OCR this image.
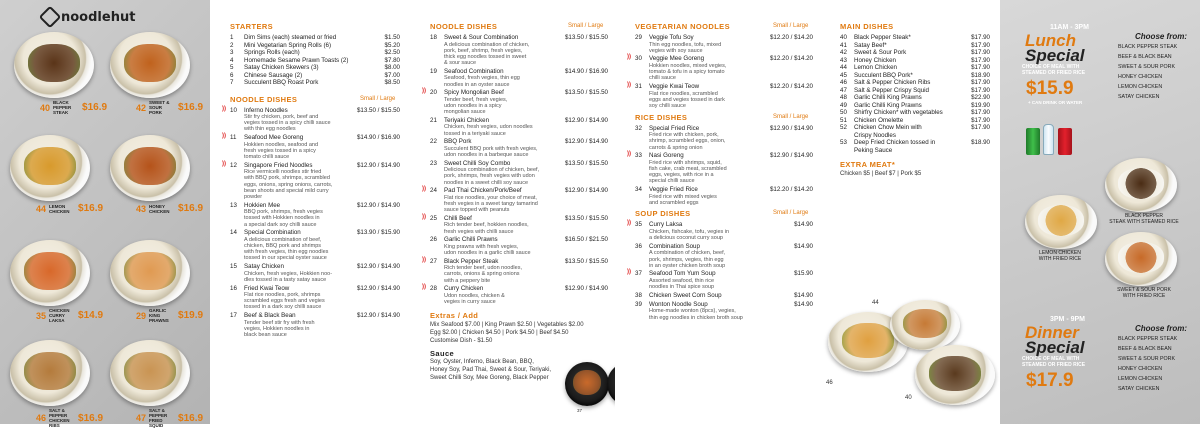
noodlehut
40 BLACK PEPPER STEAK	$16.9	42 SWEET & SOUR PORK	$16.9
44 LEMON CHICKEN $16.9	43 HONEY CHICKEN $16.9
35 CHICKEN CURRY LAKSA	$14.9	29 GARLIC KING PRAWNS $19.9
46
SALT & PEPPER CHICKEN RIBS
$16.9	47
SALT & PEPPER FRIED SQUID
$16.9
STARTERS
1 Dim Sims (each) steamed or fried	$1.50
2 Mini Vegetarian Spring Rolls (6)	$5.20
3 Springs Rolls (each)	$2.50
4 Homemade Sesame Prawn Toasts (2)	$7.80
5 Satay Chicken Skewers (3)	$8.00
6 Chinese Sausage (2)	$7.00
7 Succulent BBQ Roast Pork	$8.50
NOODLE DISHES	Small / Large
)) 10 Inferno Noodles	$13.50 / $15.50
Stir fry chicken, pork, beef and
vegies tossed in a spicy chilli sauce
with thin egg noodles
)) 11 Seafood Mee Goreng	$14.90 / $16.90
Hokkien noodles, seafood and
fresh vegies tossed in a spicy
tomato chilli sauce
)) 12 Singapore Fried Noodles	$12.90 / $14.90
Rice vermicelli noodles stir fried
with BBQ pork, shrimps, scrambled
eggs, onions, spring onions, carrots,
bean shoots and special mild curry
powder
13 Hokkien Mee	$12.90 / $14.90
BBQ pork, shrimps, fresh vegies
tossed with Hokkien noodles in
a special dark soy chilli sauce
14 Special Combination	$13.90 / $15.90
A delicious combination of beef,
chicken, BBQ pork and shrimps
with fresh vegies, thin egg noodles
tossed in our special oyster sauce
15 Satay Chicken	$12.90 / $14.90
Chicken, fresh vegies, Hokkien noo-
dles tossed in a tasty satay sauce
16 Fried Kwai Teow	$12.90 / $14.90
Flat rice noodles, pork, shrimps
scrambled eggs fresh and vegies
tossed in a dark soy chilli sauce
17 Beef & Black Bean	$12.90 / $14.90
Tender beef stir fry with fresh
vegies, Hokkien noodles in
black bean sauce
NOODLE DISHES	Small / Large
18 Sweet & Sour Combination	$13.50 / $15.50
A delicious combination of chicken,
pork, beef, shrimp, fresh vegies,
thick egg noodles tossed in sweet
& sour sauce
19 Seafood Combination	$14.90 / $16.90
Seafood, fresh vegies, thin egg
noodles in an oyster sauce
)) 20 Spicy Mongolian Beef	$13.50 / $15.50
Tender beef, fresh vegies,
udon noodles in a spicy
mongolian sauce
21 Teriyaki Chicken	$12.90 / $14.90
Chicken, fresh vegies, udon noodles
tossed in a teriyaki sauce
22 BBQ Pork	$12.90 / $14.90
Succulent BBQ pork with fresh vegies,
udon noodles in a barbeque sauce
23 Sweet Chilli Soy Combo	$13.50 / $15.50
Delicious combination of chicken, beef,
pork, shrimps, fresh vegies with udon
noodles in a sweet chilli soy sauce
)) 24 Pad Thai Chicken/Pork/Beef	$12.90 / $14.90
Flat rice noodles, your choice of meat,
fresh vegies in a sweet tangy tamarind
sauce topped with peanuts
)) 25 Chilli Beef	$13.50 / $15.50
Rich tender beef, hokkien noodles,
fresh vegies with chilli sauce
26 Garlic Chilli Prawns	$16.50 / $21.50
King prawns with fresh vegies,
udon noodles in a garlic chilli sauce
)) 27 Black Pepper Steak	$13.50 / $15.50
Rich tender beef, udon noodles,
carrots, onions & spring onions
with a peppery bite
)) 28 Curry Chicken	$12.90 / $14.90
Udon noodles, chicken &
vegies in curry sauce
Extras / Add
Mix Seafood $7.00 | King Prawn $2.50 | Vegetables $2.00
Egg $2.00 | Chicken $4.50 | Pork $4.50 | Beef $4.50
Customise Dish - $1.50
Sauce
Soy, Oyster, Inferno, Black Bean, BBQ,
Honey Soy, Pad Thai, Sweet & Sour, Teriyaki,
Sweet Chilli Soy, Mee Goreng, Black Pepper
37
VEGETARIAN NOODLES	Small / Large
29 Veggie Tofu Soy	$12.20 / $14.20
Thin egg noodles, tofu, mixed
vegies with soy sauce
)) 30 Veggie Mee Goreng	$12.20 / $14.20
Hokkien noodles, mixed vegies,
tomato & tofu in a spicy tomato
chilli sauce
)) 31 Veggie Kwai Teow	$12.20 / $14.20
Flat rice noodles, scrambled
eggs and vegies tossed in dark
soy chilli sauce
RICE DISHES	Small / Large
32 Special Fried Rice	$12.90 / $14.90
Fried rice with chicken, pork,
shrimp, scrambled eggs, onion,
carrots & spring onion
)) 33 Nasi Goreng	$12.90 / $14.90
Fried rice with shrimps, squid,
fish cake, crab meat, scrambled
eggs, vegies, with rice in a
special chilli sauce
34 Veggie Fried Rice	$12.20 / $14.20
Fried rice with mixed vegies
and scrambled eggs
SOUP DISHES	Small / Large
)) 35 Curry Laksa	$14.90
Chicken, fishcake, tofu, vegies in
a delicious coconut curry soup
36 Combination Soup	$14.90
A combination of chicken, beef,
pork, shrimps, vegies, thin egg
in an oyster chicken broth soup
)) 37 Seafood Tom Yum Soup	$15.90
Assorted seafood, thin rice
noodles in Thai spice soup
38 Chicken Sweet Corn Soup	$14.90
39 Wonton Noodle Soup	$14.90
Home-made wonton (8pcs), vegies,
thin egg noodles in chicken broth soup
MAIN DISHES
40 Black Pepper Steak*	$17.90
41 Satay Beef*	$17.90
42 Sweet & Sour Pork	$17.90
43 Honey Chicken	$17.90
44 Lemon Chicken	$17.90
45 Succulent BBQ Pork*	$18.90
46 Salt & Pepper Chicken Ribs	$17.90
47 Salt & Pepper Crispy Squid	$17.90
48 Garlic Chilli King Prawns	$22.90
49 Garlic Chilli King Prawns	$19.90
50 Shirfry Chicken* with vegetables	$17.90
51 Chicken Omelette	$17.90
52 Chicken Chow Mein with	$17.90
Crispy Noodles
53 Deep Fried Chicken tossed in	$18.90
Peking Sauce
EXTRA MEAT*
Chicken $5 | Beef $7 | Pork $5
44
46
40
11AM - 3PM
Lunch
Special
CHOICE OF MEAL WITH STEAMED OR FRIED RICE
$15.9
Choose from:
BLACK PEPPER STEAK
BEEF & BLACK BEAN
SWEET & SOUR PORK
HONEY CHICKEN
LEMON CHICKEN
SATAY CHICKEN
+ CAN DRINK OR WATER
BLACK PEPPER
STEAK WITH STEAMED RICE
LEMON CHICKEN
WITH FRIED RICE
SWEET & SOUR PORK
WITH FRIED RICE
3PM - 9PM
Dinner
Special
CHOICE OF MEAL WITH STEAMED OR FRIED RICE
$17.9
Choose from:
BLACK PEPPER STEAK
BEEF & BLACK BEAN
SWEET & SOUR PORK
HONEY CHICKEN
LEMON CHICKEN
SATAY CHICKEN
